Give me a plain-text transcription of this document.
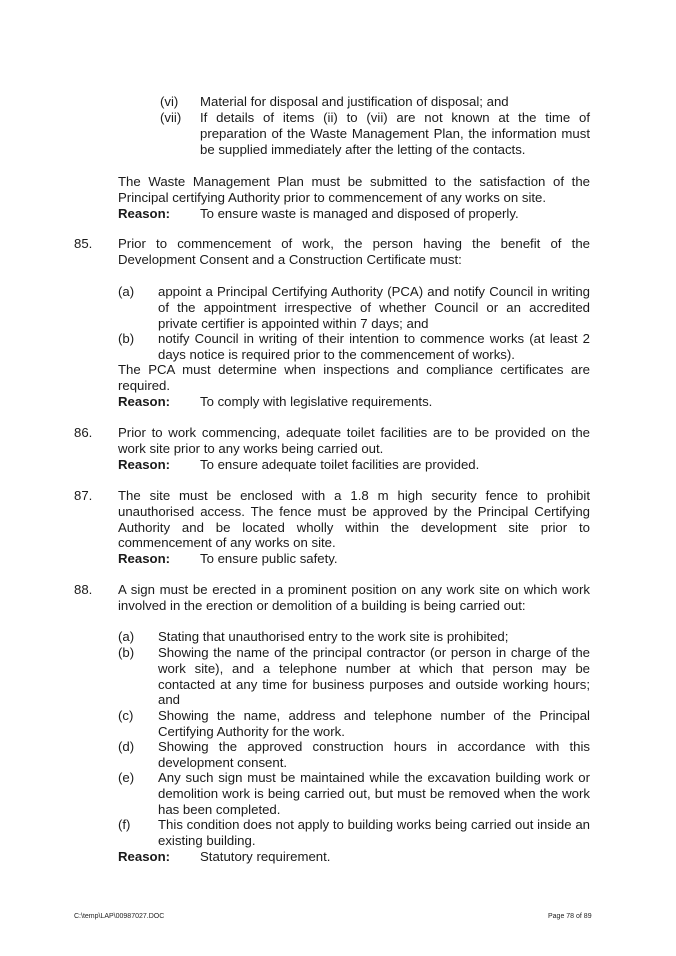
(vi) Material for disposal and justification of disposal; and
(vii) If details of items (ii) to (vii) are not known at the time of preparation of the Waste Management Plan, the information must be supplied immediately after the letting of the contacts.
The Waste Management Plan must be submitted to the satisfaction of the Principal certifying Authority prior to commencement of any works on site.
Reason: To ensure waste is managed and disposed of properly.
85. Prior to commencement of work, the person having the benefit of the Development Consent and a Construction Certificate must:
(a) appoint a Principal Certifying Authority (PCA) and notify Council in writing of the appointment irrespective of whether Council or an accredited private certifier is appointed within 7 days; and
(b) notify Council in writing of their intention to commence works (at least 2 days notice is required prior to the commencement of works).
The PCA must determine when inspections and compliance certificates are required.
Reason: To comply with legislative requirements.
86. Prior to work commencing, adequate toilet facilities are to be provided on the work site prior to any works being carried out.
Reason: To ensure adequate toilet facilities are provided.
87. The site must be enclosed with a 1.8 m high security fence to prohibit unauthorised access. The fence must be approved by the Principal Certifying Authority and be located wholly within the development site prior to commencement of any works on site.
Reason: To ensure public safety.
88. A sign must be erected in a prominent position on any work site on which work involved in the erection or demolition of a building is being carried out:
(a) Stating that unauthorised entry to the work site is prohibited;
(b) Showing the name of the principal contractor (or person in charge of the work site), and a telephone number at which that person may be contacted at any time for business purposes and outside working hours; and
(c) Showing the name, address and telephone number of the Principal Certifying Authority for the work.
(d) Showing the approved construction hours in accordance with this development consent.
(e) Any such sign must be maintained while the excavation building work or demolition work is being carried out, but must be removed when the work has been completed.
(f) This condition does not apply to building works being carried out inside an existing building.
Reason: Statutory requirement.
C:\temp\LAP\00987027.DOC	Page 78 of 89
